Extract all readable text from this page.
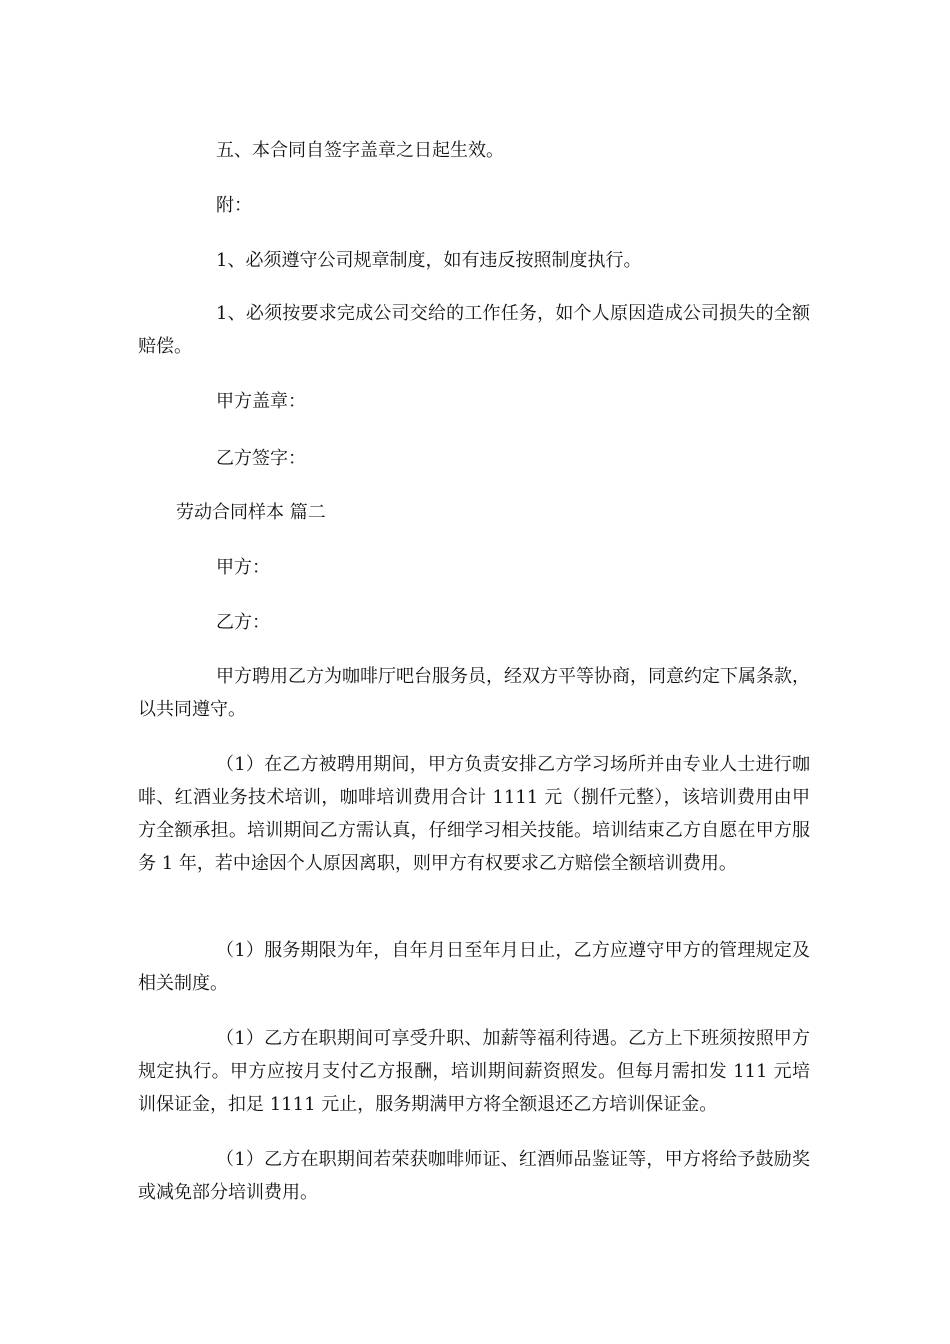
五、本合同自签字盖章之日起生效。

附：

1、必须遵守公司规章制度，如有违反按照制度执行。

1、必须按要求完成公司交给的工作任务，如个人原因造成公司损失的全额赔偿。

甲方盖章：

乙方签字：

劳动合同样本 篇二

甲方：

乙方：

甲方聘用乙方为咖啡厅吧台服务员，经双方平等协商，同意约定下属条款，以共同遵守。

（1）在乙方被聘用期间，甲方负责安排乙方学习场所并由专业人士进行咖啡、红酒业务技术培训，咖啡培训费用合计 1111 元（捌仟元整），该培训费用由甲方全额承担。培训期间乙方需认真，仔细学习相关技能。培训结束乙方自愿在甲方服务 1 年，若中途因个人原因离职，则甲方有权要求乙方赔偿全额培训费用。

（1）服务期限为年，自年月日至年月日止，乙方应遵守甲方的管理规定及相关制度。

（1）乙方在职期间可享受升职、加薪等福利待遇。乙方上下班须按照甲方规定执行。甲方应按月支付乙方报酬，培训期间薪资照发。但每月需扣发 111 元培训保证金，扣足 1111 元止，服务期满甲方将全额退还乙方培训保证金。

（1）乙方在职期间若荣获咖啡师证、红酒师品鉴证等，甲方将给予鼓励奖或减免部分培训费用。
